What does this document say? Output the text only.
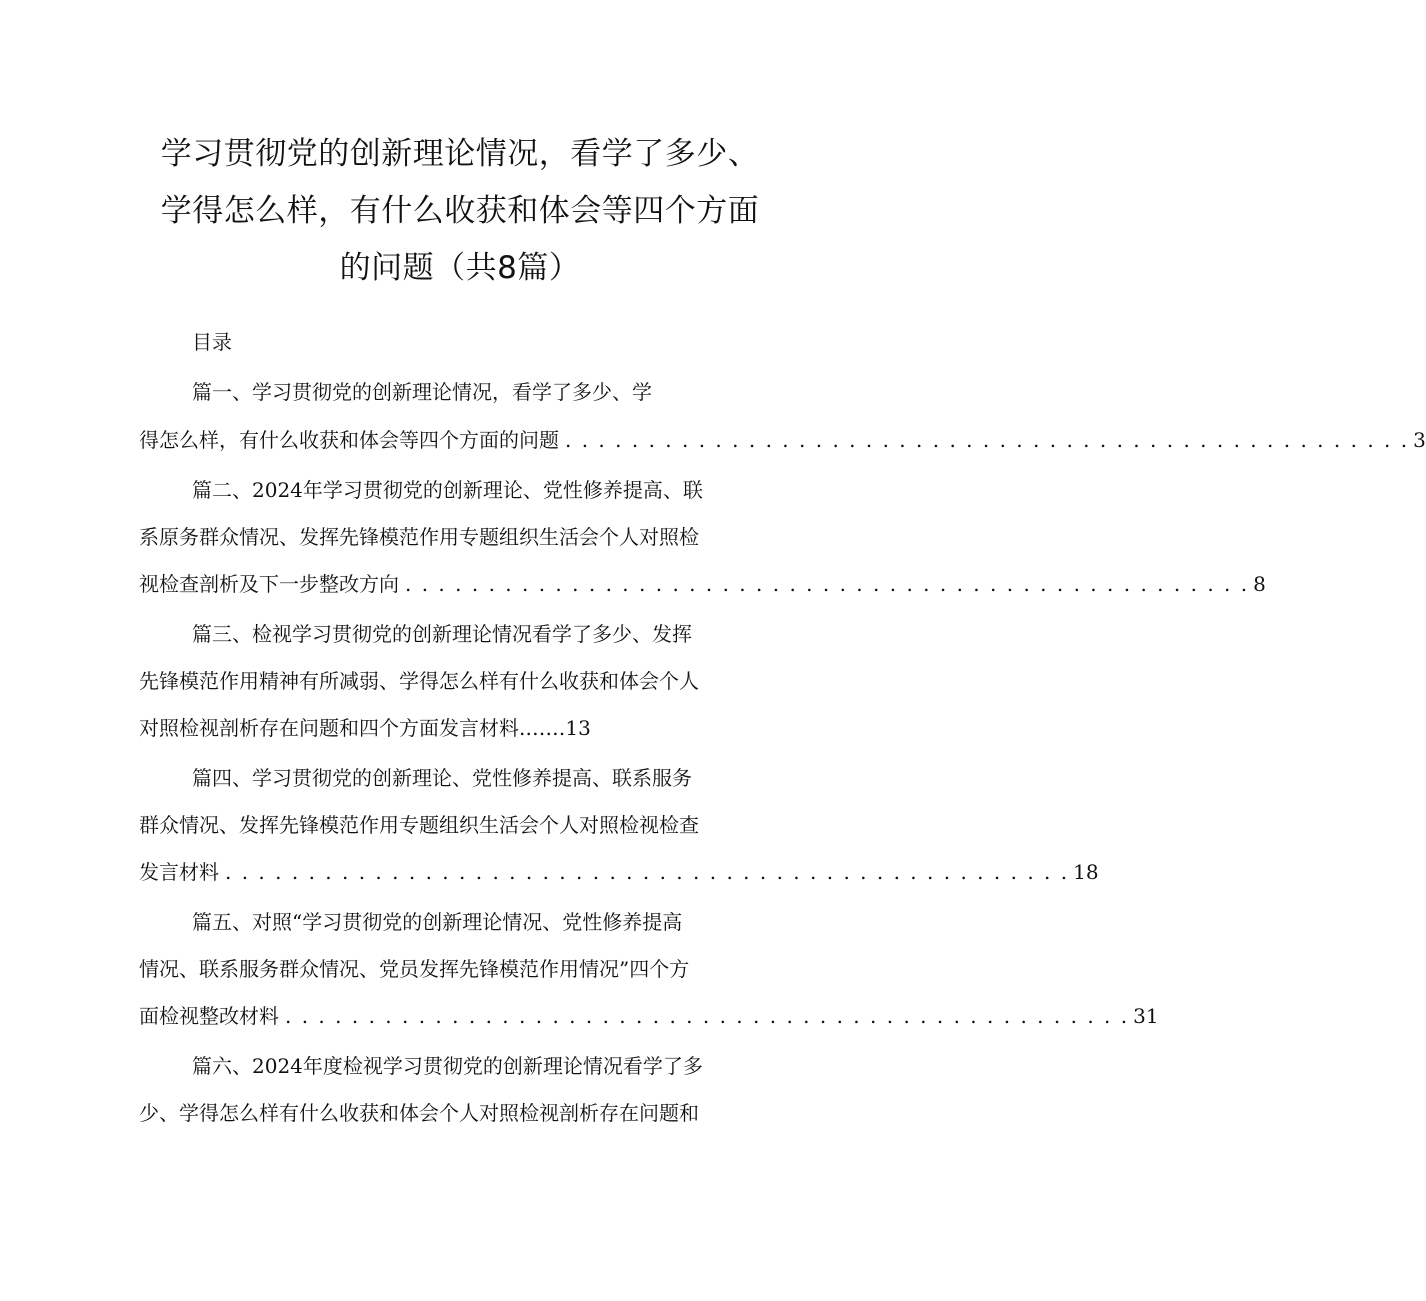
学习贯彻党的创新理论情况，看学了多少、
学得怎么样，有什么收获和体会等四个方面
的问题（共8篇）
目录
篇一、学习贯彻党的创新理论情况，看学了多少、学
得怎么样，有什么收获和体会等四个方面的问题 . . . . . . . . . . . . . . . . . . . . . . . . . . . . . . . . . . . . . . . . . . . . . . . . . . . 3
篇二、2024年学习贯彻党的创新理论、党性修养提高、联
系原务群众情况、发挥先锋模范作用专题组织生活会个人对照检
视检查剖析及下一步整改方向 . . . . . . . . . . . . . . . . . . . . . . . . . . . . . . . . . . . . . . . . . . . . . . . . . . . 8
篇三、检视学习贯彻党的创新理论情况看学了多少、发挥
先锋模范作用精神有所减弱、学得怎么样有什么收获和体会个人
对照检视剖析存在问题和四个方面发言材料.……13
篇四、学习贯彻党的创新理论、党性修养提高、联系服务
群众情况、发挥先锋模范作用专题组织生活会个人对照检视检查
发言材料 . . . . . . . . . . . . . . . . . . . . . . . . . . . . . . . . . . . . . . . . . . . . . . . . . . . 18
篇五、对照“学习贯彻党的创新理论情况、党性修养提高
情况、联系服务群众情况、党员发挥先锋模范作用情况”四个方
面检视整改材料 . . . . . . . . . . . . . . . . . . . . . . . . . . . . . . . . . . . . . . . . . . . . . . . . . . . 31
篇六、2024年度检视学习贯彻党的创新理论情况看学了多
少、学得怎么样有什么收获和体会个人对照检视剖析存在问题和
